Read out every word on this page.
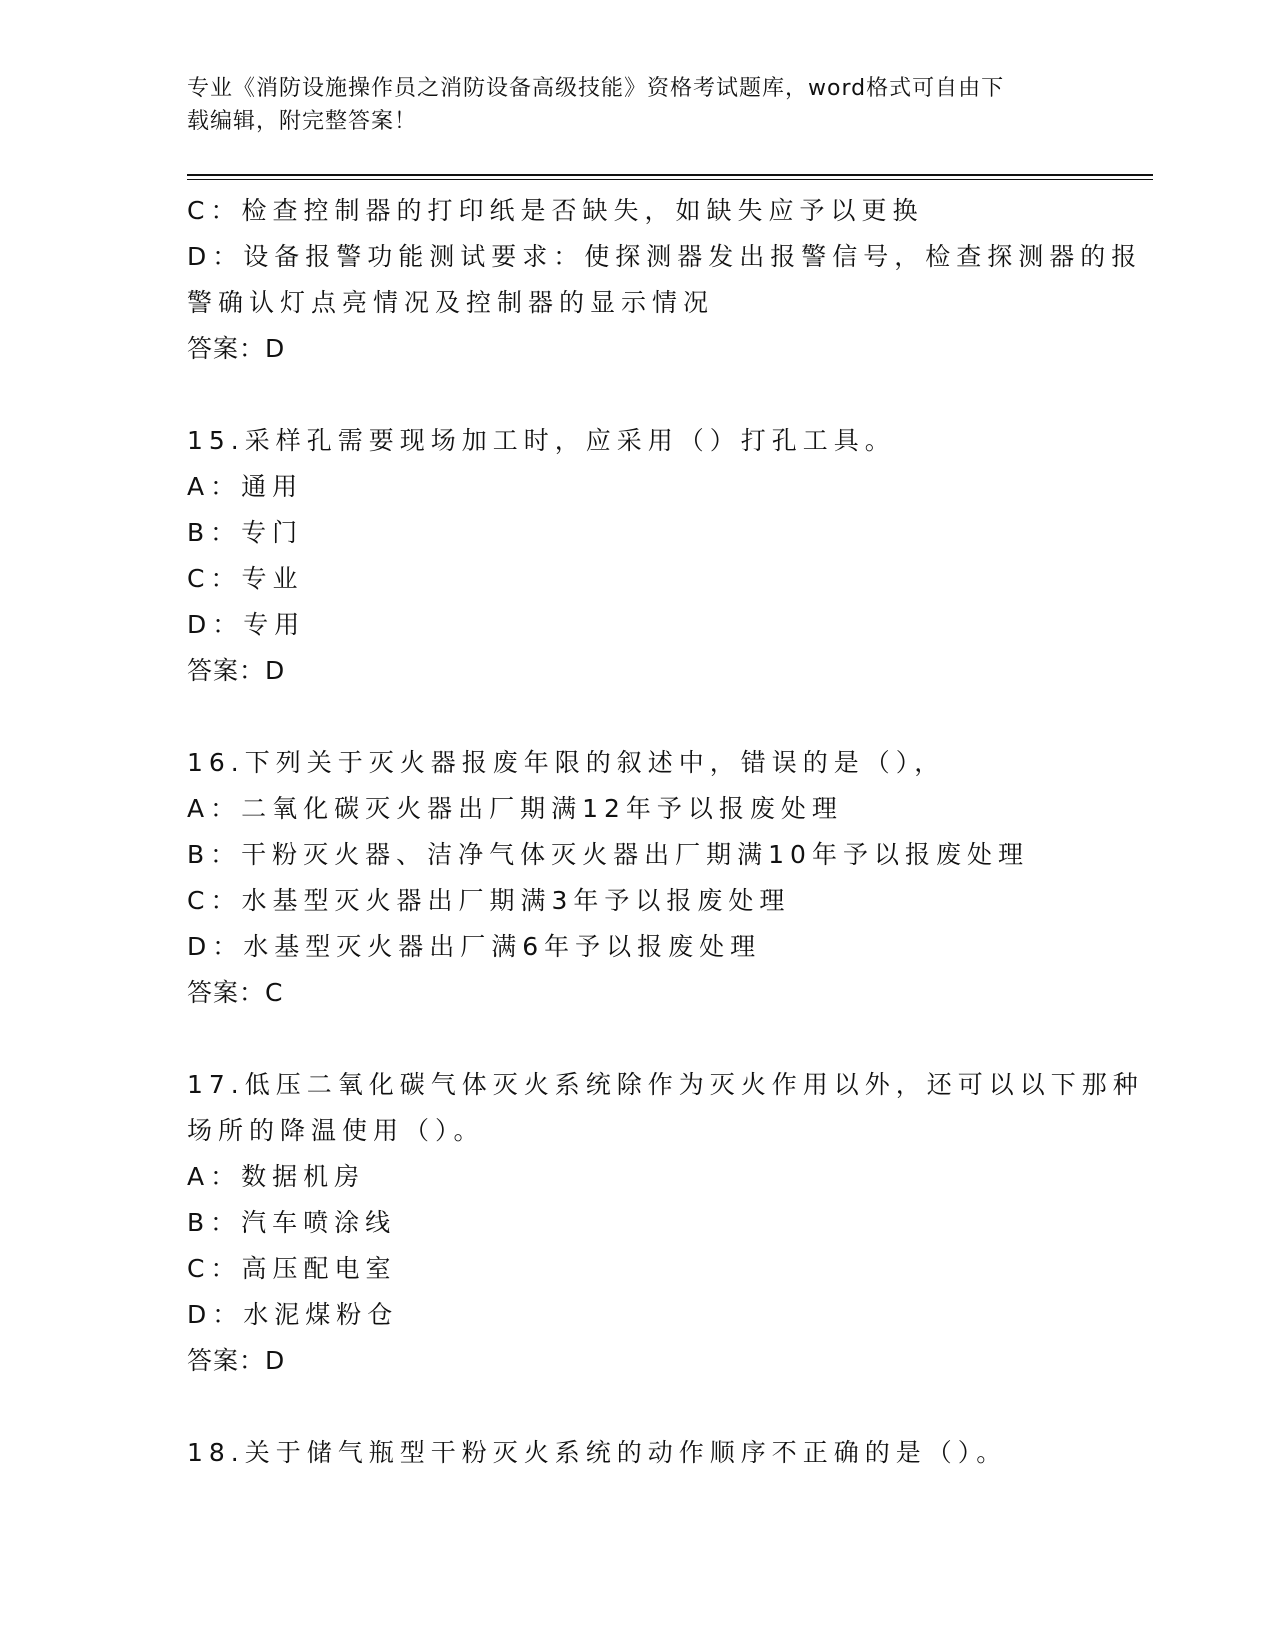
专业《消防设施操作员之消防设备高级技能》资格考试题库，word格式可自由下
载编辑，附完整答案！

C：检查控制器的打印纸是否缺失，如缺失应予以更换

D：设备报警功能测试要求：使探测器发出报警信号，检查探测器的报

警确认灯点亮情况及控制器的显示情况

答案：D

15.采样孔需要现场加工时，应采用（）打孔工具。

A：通用

B：专门

C：专业

D：专用

答案：D

16.下列关于灭火器报废年限的叙述中，错误的是（），

A：二氧化碳灭火器出厂期满12年予以报废处理

B：干粉灭火器、洁净气体灭火器出厂期满10年予以报废处理

C：水基型灭火器出厂期满3年予以报废处理

D：水基型灭火器出厂满6年予以报废处理

答案：C

17.低压二氧化碳气体灭火系统除作为灭火作用以外，还可以以下那种

场所的降温使用（）。

A：数据机房

B：汽车喷涂线

C：高压配电室

D：水泥煤粉仓

答案：D

18.关于储气瓶型干粉灭火系统的动作顺序不正确的是（）。
